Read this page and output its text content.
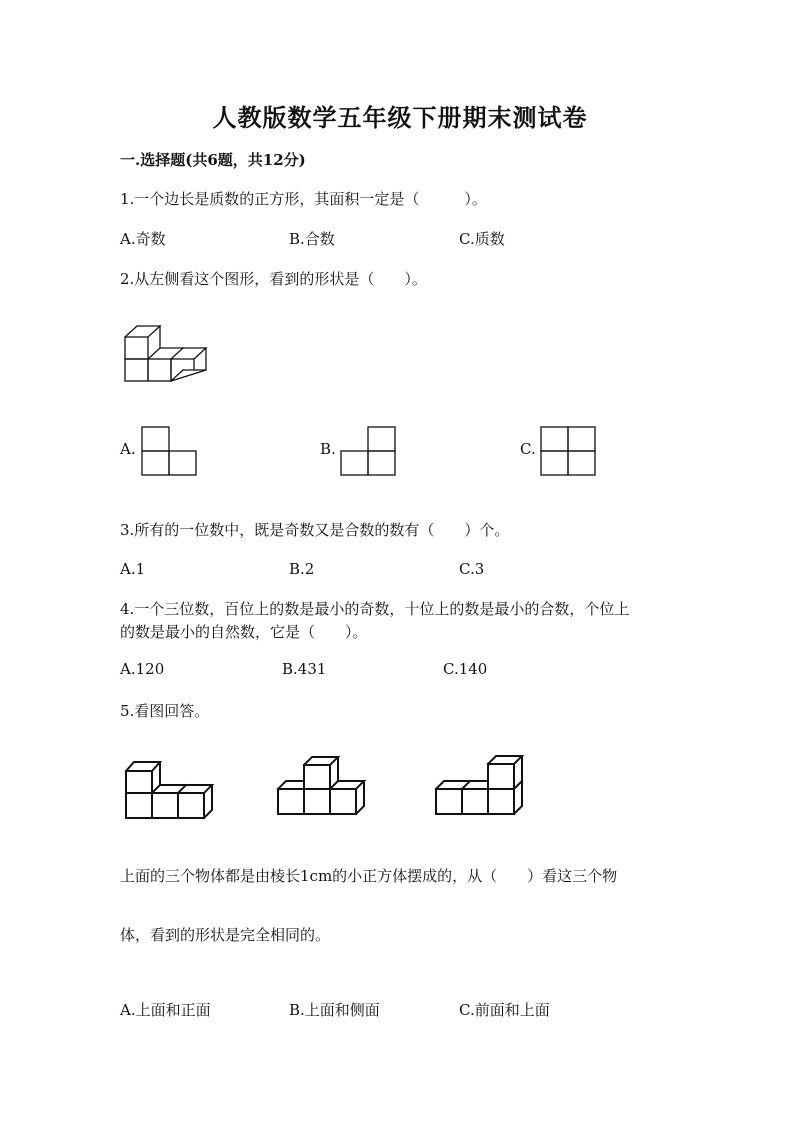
人教版数学五年级下册期末测试卷
一.选择题(共6题，共12分)
1.一个边长是质数的正方形，其面积一定是（　　　）。
A.奇数	B.合数	C.质数
2.从左侧看这个图形，看到的形状是（　　）。
A.	B.	C.
3.所有的一位数中，既是奇数又是合数的数有（　　）个。
A.1	B.2	C.3
4.一个三位数，百位上的数是最小的奇数，十位上的数是最小的合数，个位上
的数是最小的自然数，它是（　　）。
A.120	B.431	C.140
5.看图回答。
上面的三个物体都是由棱长1cm的小正方体摆成的，从（　　）看这三个物
体，看到的形状是完全相同的。
A.上面和正面	B.上面和侧面	C.前面和上面
